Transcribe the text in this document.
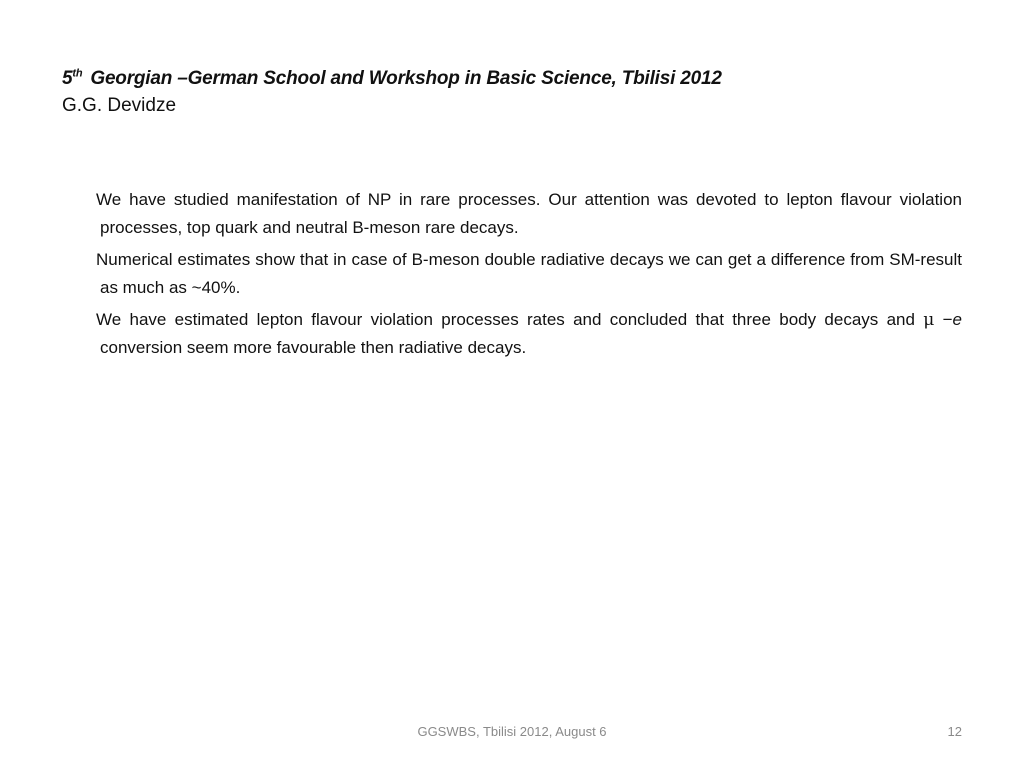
5th Georgian –German School and Workshop in Basic Science, Tbilisi 2012
G.G. Devidze

We have studied manifestation of NP in rare processes. Our attention was devoted to lepton flavour violation processes, top quark and neutral B-meson rare decays.

Numerical estimates show that in case of B-meson double radiative decays we can get a difference from SM-result as much as ~40%.

We have estimated lepton flavour violation processes rates and concluded that three body decays and μ −e conversion seem more favourable then radiative decays.

GGSWBS, Tbilisi 2012, August 6	12
